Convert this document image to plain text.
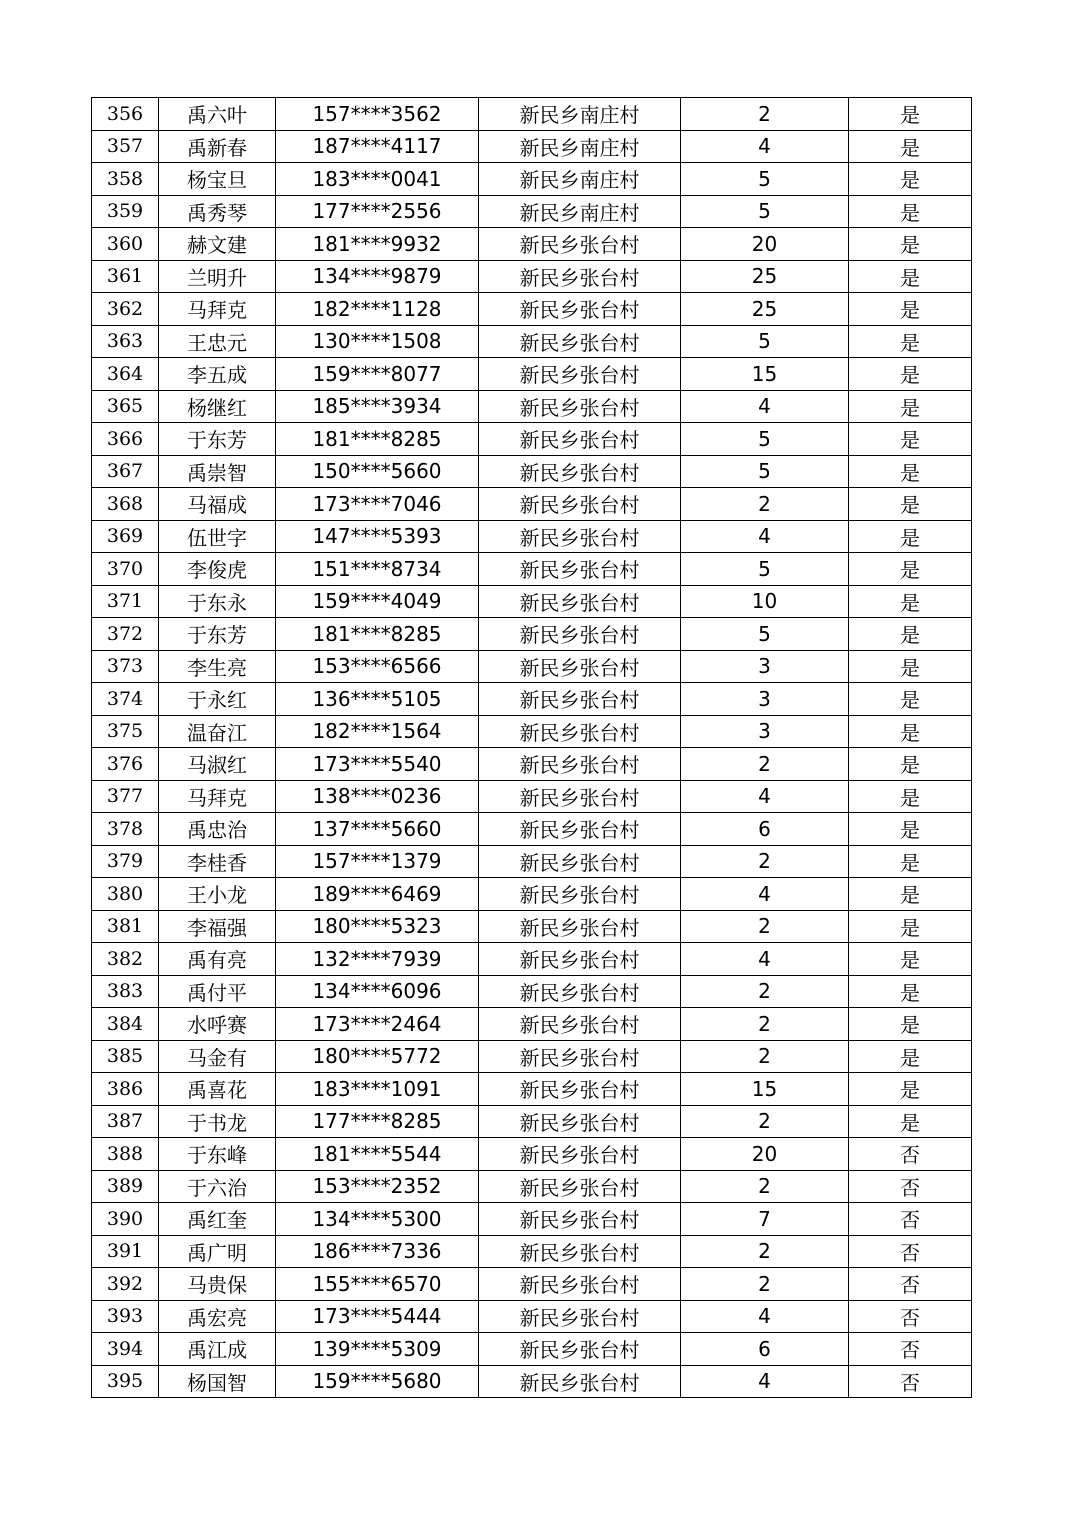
356	禹六叶	157****3562	新民乡南庄村	2	是
357	禹新春	187****4117	新民乡南庄村	4	是
358	杨宝旦	183****0041	新民乡南庄村	5	是
359	禹秀琴	177****2556	新民乡南庄村	5	是
360	赫文建	181****9932	新民乡张台村	20	是
361	兰明升	134****9879	新民乡张台村	25	是
362	马拜克	182****1128	新民乡张台村	25	是
363	王忠元	130****1508	新民乡张台村	5	是
364	李五成	159****8077	新民乡张台村	15	是
365	杨继红	185****3934	新民乡张台村	4	是
366	于东芳	181****8285	新民乡张台村	5	是
367	禹崇智	150****5660	新民乡张台村	5	是
368	马福成	173****7046	新民乡张台村	2	是
369	伍世字	147****5393	新民乡张台村	4	是
370	李俊虎	151****8734	新民乡张台村	5	是
371	于东永	159****4049	新民乡张台村	10	是
372	于东芳	181****8285	新民乡张台村	5	是
373	李生亮	153****6566	新民乡张台村	3	是
374	于永红	136****5105	新民乡张台村	3	是
375	温奋江	182****1564	新民乡张台村	3	是
376	马淑红	173****5540	新民乡张台村	2	是
377	马拜克	138****0236	新民乡张台村	4	是
378	禹忠治	137****5660	新民乡张台村	6	是
379	李桂香	157****1379	新民乡张台村	2	是
380	王小龙	189****6469	新民乡张台村	4	是
381	李福强	180****5323	新民乡张台村	2	是
382	禹有亮	132****7939	新民乡张台村	4	是
383	禹付平	134****6096	新民乡张台村	2	是
384	水呼赛	173****2464	新民乡张台村	2	是
385	马金有	180****5772	新民乡张台村	2	是
386	禹喜花	183****1091	新民乡张台村	15	是
387	于书龙	177****8285	新民乡张台村	2	是
388	于东峰	181****5544	新民乡张台村	20	否
389	于六治	153****2352	新民乡张台村	2	否
390	禹红奎	134****5300	新民乡张台村	7	否
391	禹广明	186****7336	新民乡张台村	2	否
392	马贵保	155****6570	新民乡张台村	2	否
393	禹宏亮	173****5444	新民乡张台村	4	否
394	禹江成	139****5309	新民乡张台村	6	否
395	杨国智	159****5680	新民乡张台村	4	否
